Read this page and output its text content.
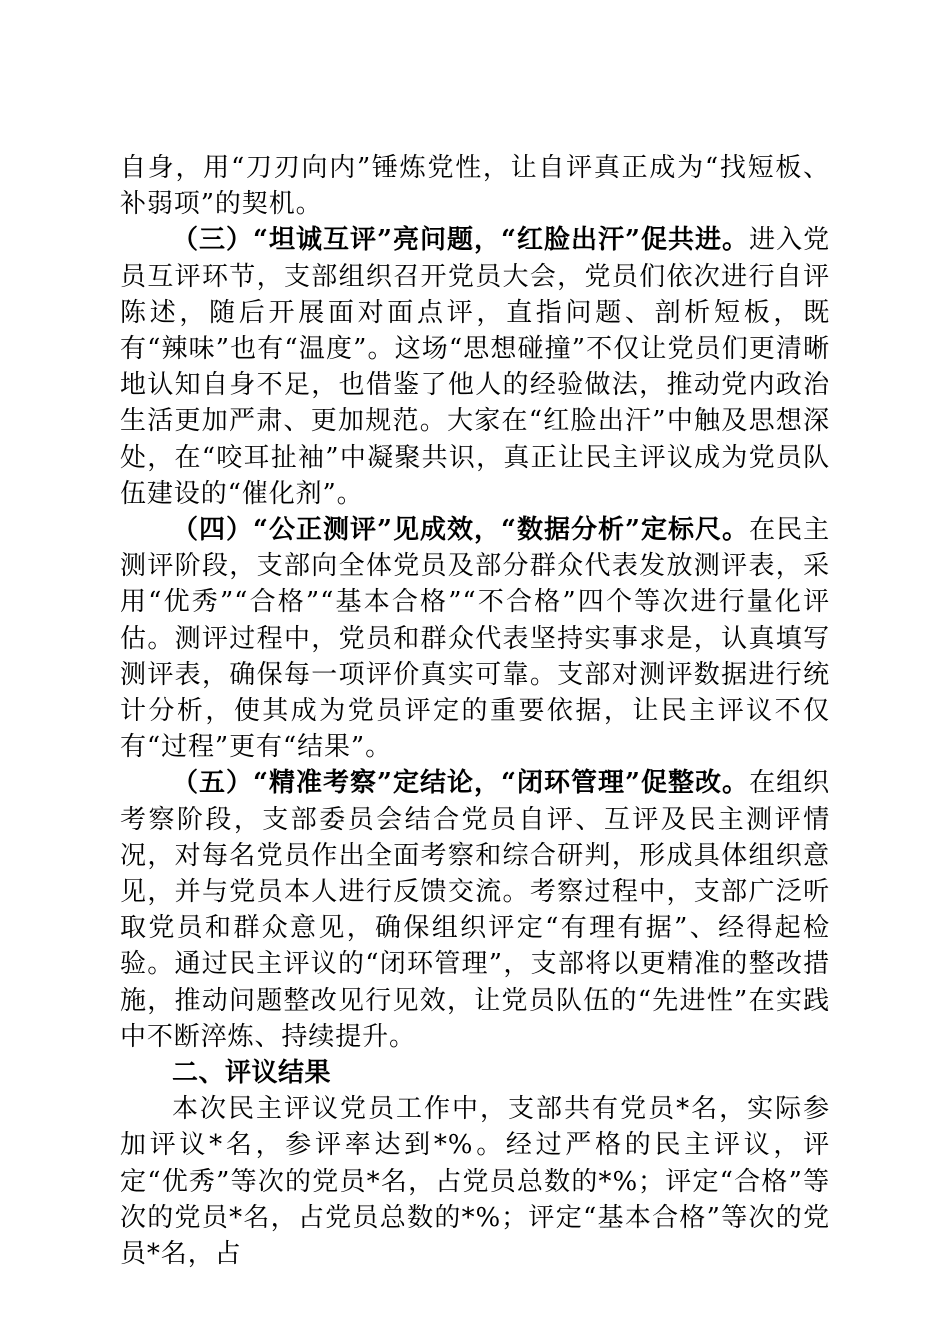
自身，用“刀刃向内”锤炼党性，让自评真正成为“找短板、补弱项”的契机。

（三）“坦诚互评”亮问题，“红脸出汗”促共进。进入党员互评环节，支部组织召开党员大会，党员们依次进行自评陈述，随后开展面对面点评，直指问题、剖析短板，既有“辣味”也有“温度”。这场“思想碰撞”不仅让党员们更清晰地认知自身不足，也借鉴了他人的经验做法，推动党内政治生活更加严肃、更加规范。大家在“红脸出汗”中触及思想深处，在“咬耳扯袖”中凝聚共识，真正让民主评议成为党员队伍建设的“催化剂”。

（四）“公正测评”见成效，“数据分析”定标尺。在民主测评阶段，支部向全体党员及部分群众代表发放测评表，采用“优秀”“合格”“基本合格”“不合格”四个等次进行量化评估。测评过程中，党员和群众代表坚持实事求是，认真填写测评表，确保每一项评价真实可靠。支部对测评数据进行统计分析，使其成为党员评定的重要依据，让民主评议不仅有“过程”更有“结果”。

（五）“精准考察”定结论，“闭环管理”促整改。在组织考察阶段，支部委员会结合党员自评、互评及民主测评情况，对每名党员作出全面考察和综合研判，形成具体组织意见，并与党员本人进行反馈交流。考察过程中，支部广泛听取党员和群众意见，确保组织评定“有理有据”、经得起检验。通过民主评议的“闭环管理”，支部将以更精准的整改措施，推动问题整改见行见效，让党员队伍的“先进性”在实践中不断淬炼、持续提升。

二、评议结果

本次民主评议党员工作中，支部共有党员*名，实际参加评议*名，参评率达到*%。经过严格的民主评议，评定“优秀”等次的党员*名，占党员总数的*%；评定“合格”等次的党员*名，占党员总数的*%；评定“基本合格”等次的党员*名，占
